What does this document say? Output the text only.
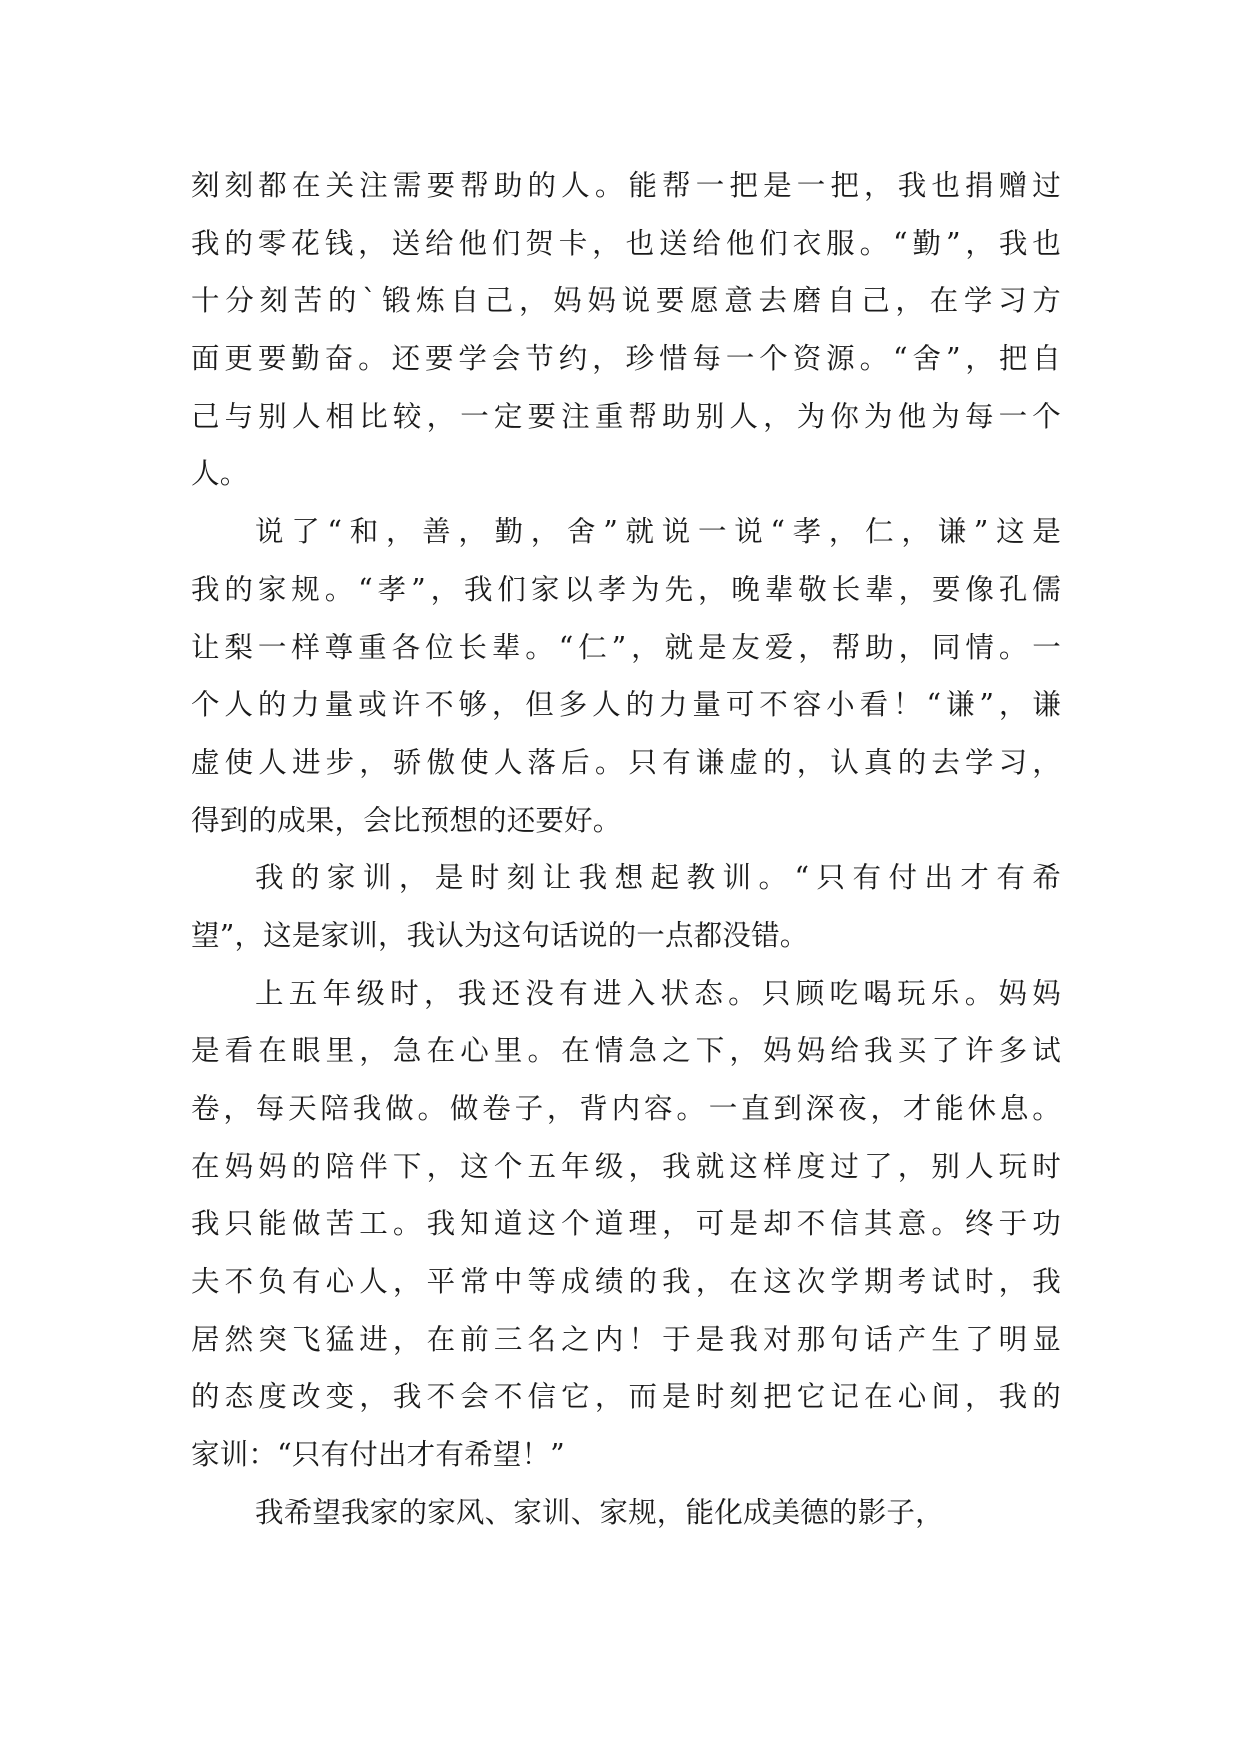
刻刻都在关注需要帮助的人。能帮一把是一把，我也捐赠过
我的零花钱，送给他们贺卡，也送给他们衣服。“勤”，我也
十分刻苦的`锻炼自己，妈妈说要愿意去磨自己，在学习方
面更要勤奋。还要学会节约，珍惜每一个资源。“舍”，把自
己与别人相比较，一定要注重帮助别人，为你为他为每一个
人。
说了“和，善，勤，舍”就说一说“孝，仁，谦”这是
我的家规。“孝”，我们家以孝为先，晚辈敬长辈，要像孔儒
让梨一样尊重各位长辈。“仁”，就是友爱，帮助，同情。一
个人的力量或许不够，但多人的力量可不容小看！“谦”，谦
虚使人进步，骄傲使人落后。只有谦虚的，认真的去学习，
得到的成果，会比预想的还要好。
我的家训，是时刻让我想起教训。“只有付出才有希
望”，这是家训，我认为这句话说的一点都没错。
上五年级时，我还没有进入状态。只顾吃喝玩乐。妈妈
是看在眼里，急在心里。在情急之下，妈妈给我买了许多试
卷，每天陪我做。做卷子，背内容。一直到深夜，才能休息。
在妈妈的陪伴下，这个五年级，我就这样度过了，别人玩时
我只能做苦工。我知道这个道理，可是却不信其意。终于功
夫不负有心人，平常中等成绩的我，在这次学期考试时，我
居然突飞猛进，在前三名之内！于是我对那句话产生了明显
的态度改变，我不会不信它，而是时刻把它记在心间，我的
家训：“只有付出才有希望！”
我希望我家的家风、家训、家规，能化成美德的影子，
